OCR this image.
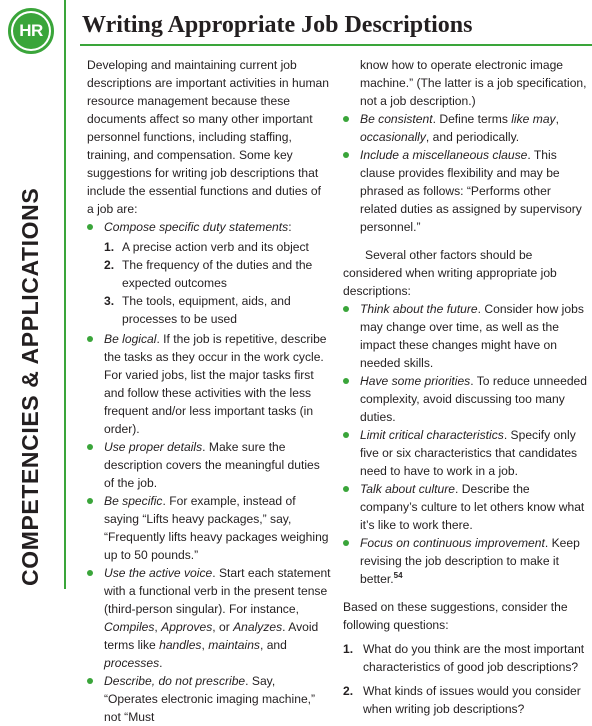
HR
COMPETENCIES & APPLICATIONS
Writing Appropriate Job Descriptions

Developing and maintaining current job descriptions are important activities in human resource management because these documents affect so many other important personnel functions, including staffing, training, and compensation. Some key suggestions for writing job descriptions that include the essential functions and duties of a job are:

Compose specific duty statements:
1. A precise action verb and its object
2. The frequency of the duties and the expected outcomes
3. The tools, equipment, aids, and processes to be used
Be logical. If the job is repetitive, describe the tasks as they occur in the work cycle. For varied jobs, list the major tasks first and follow these activities with the less frequent and/or less important tasks (in order).
Use proper details. Make sure the description covers the meaningful duties of the job.
Be specific. For example, instead of saying “Lifts heavy packages,” say, “Frequently lifts heavy packages weighing up to 50 pounds.”
Use the active voice. Start each statement with a functional verb in the present tense (third-person singular). For instance, Compiles, Approves, or Analyzes. Avoid terms like handles, maintains, and processes.
Describe, do not prescribe. Say, “Operates electronic imaging machine,” not “Must

know how to operate electronic image machine.” (The latter is a job specification, not a job description.)

Be consistent. Define terms like may, occasionally, and periodically.
Include a miscellaneous clause. This clause provides flexibility and may be phrased as follows: “Performs other related duties as assigned by supervisory personnel.”

Several other factors should be considered when writing appropriate job descriptions:

Think about the future. Consider how jobs may change over time, as well as the impact these changes might have on needed skills.
Have some priorities. To reduce unneeded complexity, avoid discussing too many duties.
Limit critical characteristics. Specify only five or six characteristics that candidates need to have to work in a job.
Talk about culture. Describe the company’s culture to let others know what it’s like to work there.
Focus on continuous improvement. Keep revising the job description to make it better.$^{54}$

Based on these suggestions, consider the following questions:

1. What do you think are the most important characteristics of good job descriptions?
2. What kinds of issues would you consider when writing job descriptions?
